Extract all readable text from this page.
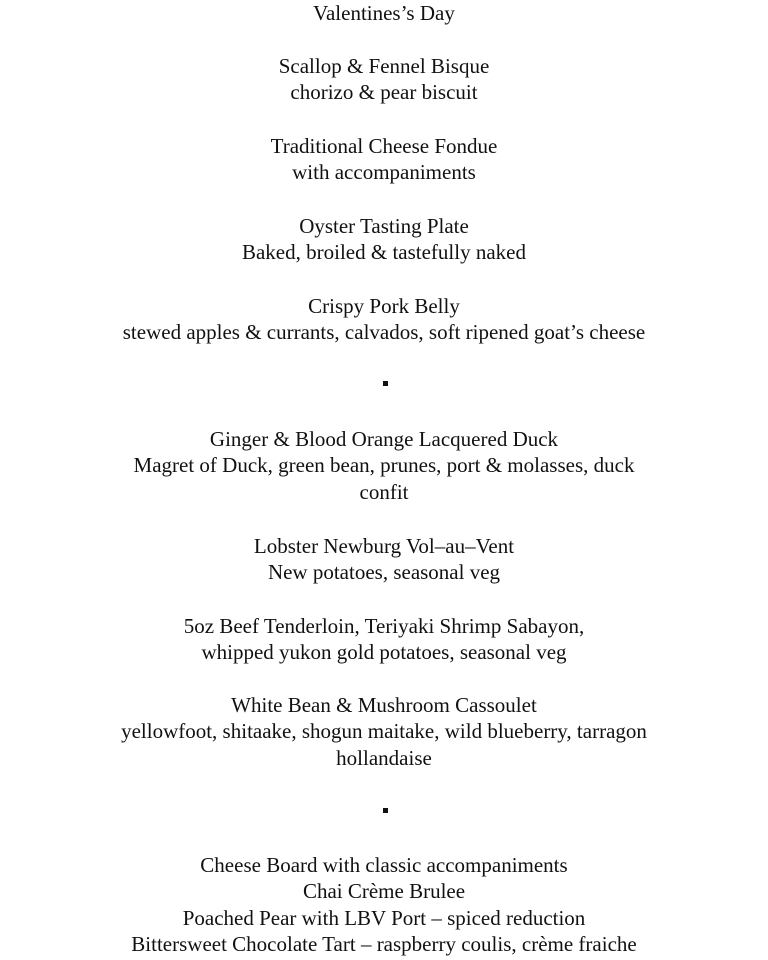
Valentines’s Day
Scallop & Fennel Bisque
chorizo & pear biscuit
Traditional Cheese Fondue
with accompaniments
Oyster Tasting Plate
Baked, broiled & tastefully naked
Crispy Pork Belly
stewed apples & currants, calvados, soft ripened goat’s cheese
Ginger & Blood Orange Lacquered Duck
Magret of Duck, green bean, prunes, port & molasses, duck
confit
Lobster Newburg Vol–au–Vent
New potatoes, seasonal veg
5oz Beef Tenderloin, Teriyaki Shrimp Sabayon,
whipped yukon gold potatoes, seasonal veg
White Bean & Mushroom Cassoulet
yellowfoot, shitaake, shogun maitake, wild blueberry, tarragon
hollandaise
Cheese Board with classic accompaniments
Chai Crème Brulee
Poached Pear with LBV Port – spiced reduction
Bittersweet Chocolate Tart – raspberry coulis, crème fraiche
